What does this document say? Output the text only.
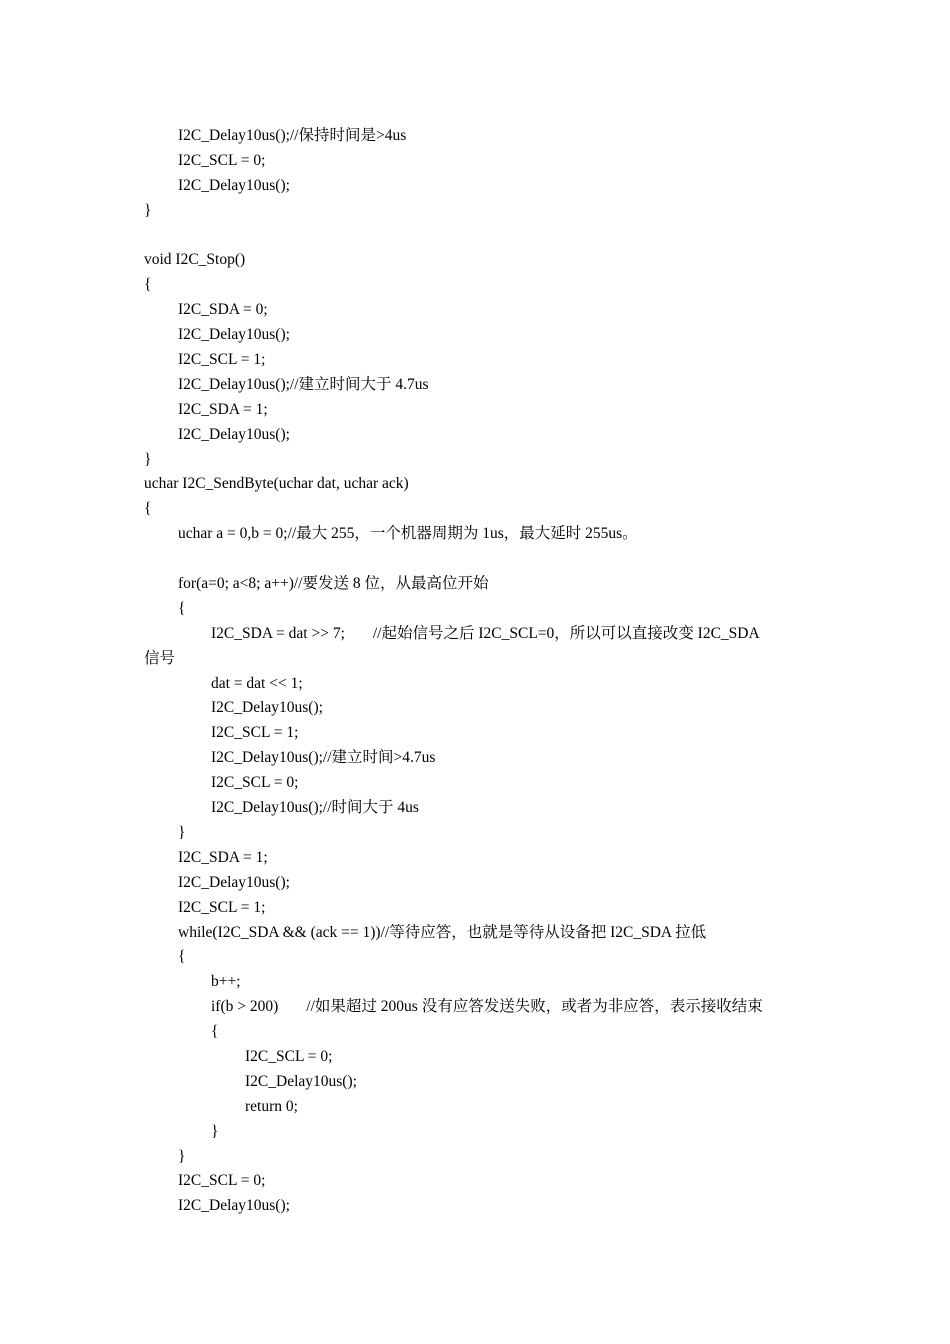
I2C_Delay10us();//保持时间是>4us
I2C_SCL = 0;
I2C_Delay10us();
}
void I2C_Stop()
{
I2C_SDA = 0;
I2C_Delay10us();
I2C_SCL = 1;
I2C_Delay10us();//建立时间大于 4.7us
I2C_SDA = 1;
I2C_Delay10us();
}
uchar I2C_SendByte(uchar dat, uchar ack)
{
uchar a = 0,b = 0;//最大 255，一个机器周期为 1us，最大延时 255us。
for(a=0; a<8; a++)//要发送 8 位，从最高位开始
{
I2C_SDA = dat >> 7; //起始信号之后 I2C_SCL=0，所以可以直接改变 I2C_SDA
信号
dat = dat << 1;
I2C_Delay10us();
I2C_SCL = 1;
I2C_Delay10us();//建立时间>4.7us
I2C_SCL = 0;
I2C_Delay10us();//时间大于 4us
}
I2C_SDA = 1;
I2C_Delay10us();
I2C_SCL = 1;
while(I2C_SDA && (ack == 1))//等待应答，也就是等待从设备把 I2C_SDA 拉低
{
b++;
if(b > 200) //如果超过 200us 没有应答发送失败，或者为非应答，表示接收结束
{
I2C_SCL = 0;
I2C_Delay10us();
return 0;
}
}
I2C_SCL = 0;
I2C_Delay10us();
